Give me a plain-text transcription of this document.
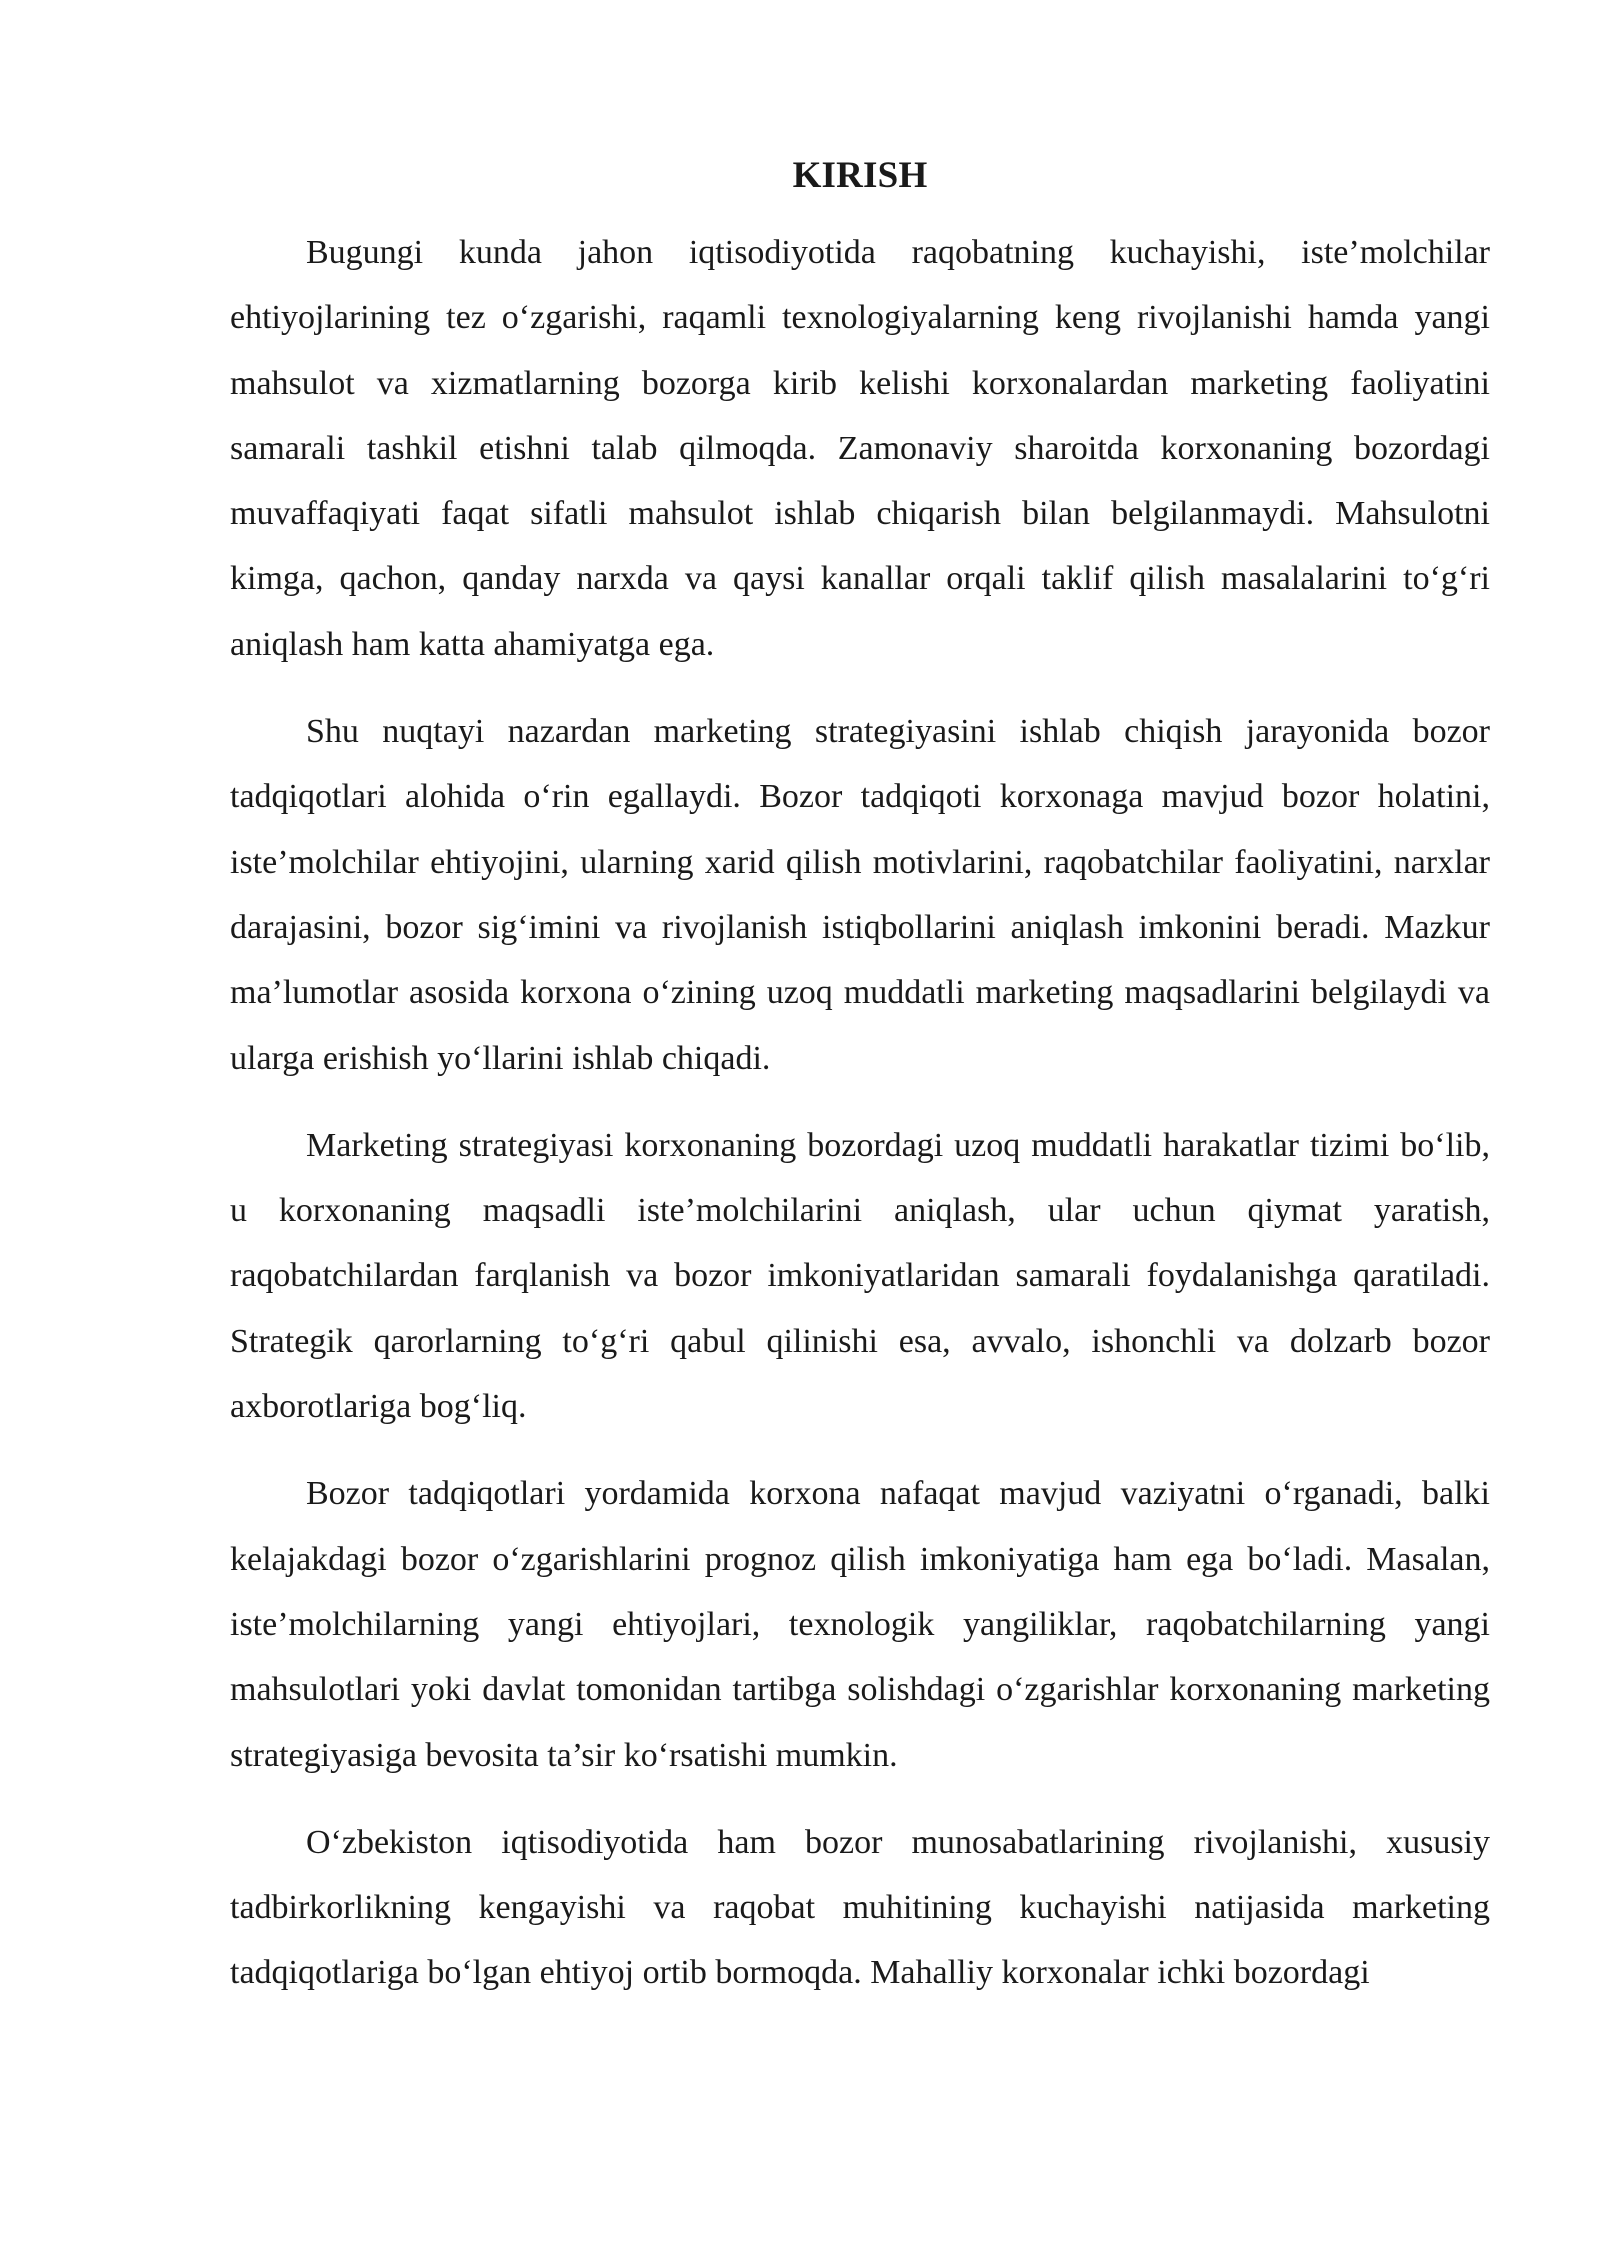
KIRISH

Bugungi kunda jahon iqtisodiyotida raqobatning kuchayishi, iste’molchilar ehtiyojlarining tez o‘zgarishi, raqamli texnologiyalarning keng rivojlanishi hamda yangi mahsulot va xizmatlarning bozorga kirib kelishi korxonalardan marketing faoliyatini samarali tashkil etishni talab qilmoqda. Zamonaviy sharoitda korxonaning bozordagi muvaffaqiyati faqat sifatli mahsulot ishlab chiqarish bilan belgilanmaydi. Mahsulotni kimga, qachon, qanday narxda va qaysi kanallar orqali taklif qilish masalalarini to‘g‘ri aniqlash ham katta ahamiyatga ega.

Shu nuqtayi nazardan marketing strategiyasini ishlab chiqish jarayonida bozor tadqiqotlari alohida o‘rin egallaydi. Bozor tadqiqoti korxonaga mavjud bozor holatini, iste’molchilar ehtiyojini, ularning xarid qilish motivlarini, raqobatchilar faoliyatini, narxlar darajasini, bozor sig‘imini va rivojlanish istiqbollarini aniqlash imkonini beradi. Mazkur ma’lumotlar asosida korxona o‘zining uzoq muddatli marketing maqsadlarini belgilaydi va ularga erishish yo‘llarini ishlab chiqadi.

Marketing strategiyasi korxonaning bozordagi uzoq muddatli harakatlar tizimi bo‘lib, u korxonaning maqsadli iste’molchilarini aniqlash, ular uchun qiymat yaratish, raqobatchilardan farqlanish va bozor imkoniyatlaridan samarali foydalanishga qaratiladi. Strategik qarorlarning to‘g‘ri qabul qilinishi esa, avvalo, ishonchli va dolzarb bozor axborotlariga bog‘liq.

Bozor tadqiqotlari yordamida korxona nafaqat mavjud vaziyatni o‘rganadi, balki kelajakdagi bozor o‘zgarishlarini prognoz qilish imkoniyatiga ham ega bo‘ladi. Masalan, iste’molchilarning yangi ehtiyojlari, texnologik yangiliklar, raqobatchilarning yangi mahsulotlari yoki davlat tomonidan tartibga solishdagi o‘zgarishlar korxonaning marketing strategiyasiga bevosita ta’sir ko‘rsatishi mumkin.

O‘zbekiston iqtisodiyotida ham bozor munosabatlarining rivojlanishi, xususiy tadbirkorlikning kengayishi va raqobat muhitining kuchayishi natijasida marketing tadqiqotlariga bo‘lgan ehtiyoj ortib bormoqda. Mahalliy korxonalar ichki bozordagi
